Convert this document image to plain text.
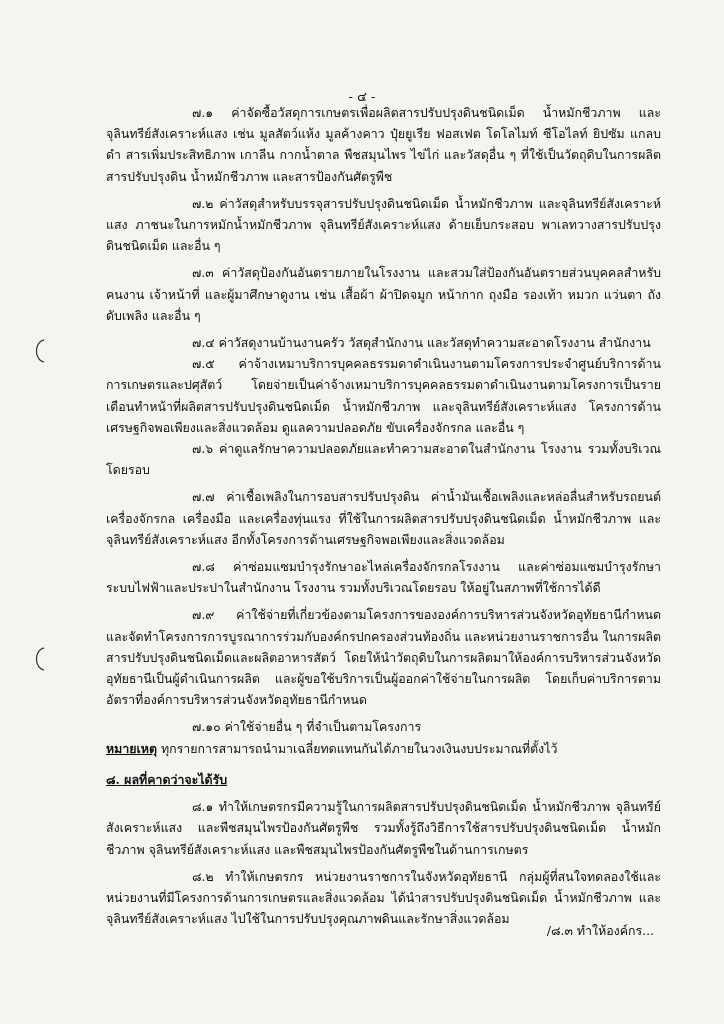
- ๔ -

๗.๑ ค่าจัดซื้อวัสดุการเกษตรเพื่อผลิตสารปรับปรุงดินชนิดเม็ด น้ำหมักชีวภาพ และจุลินทรีย์สังเคราะห์แสง เช่น มูลสัตว์แห้ง มูลค้างคาว ปุ๋ยยูเรีย ฟอสเฟต โดโลไมท์ ซีโอไลท์ ยิปซัม แกลบดำ สารเพิ่มประสิทธิภาพ เกาลีน กากน้ำตาล พืชสมุนไพร ไข่ไก่ และวัสดุอื่น ๆ ที่ใช้เป็นวัตถุดิบในการผลิตสารปรับปรุงดิน น้ำหมักชีวภาพ และสารป้องกันศัตรูพืช

๗.๒ ค่าวัสดุสำหรับบรรจุสารปรับปรุงดินชนิดเม็ด น้ำหมักชีวภาพ และจุลินทรีย์สังเคราะห์แสง ภาชนะในการหมักน้ำหมักชีวภาพ จุลินทรีย์สังเคราะห์แสง ด้ายเย็บกระสอบ พาเลทวางสารปรับปรุงดินชนิดเม็ด และอื่น ๆ

๗.๓ ค่าวัสดุป้องกันอันตรายภายในโรงงาน และสวมใส่ป้องกันอันตรายส่วนบุคคลสำหรับคนงาน เจ้าหน้าที่ และผู้มาศึกษาดูงาน เช่น เสื้อผ้า ผ้าปิดจมูก หน้ากาก ถุงมือ รองเท้า หมวก แว่นตา ถังดับเพลิง และอื่น ๆ

๗.๔ ค่าวัสดุงานบ้านงานครัว วัสดุสำนักงาน และวัสดุทำความสะอาดโรงงาน สำนักงาน

๗.๕ ค่าจ้างเหมาบริการบุคคลธรรมดาดำเนินงานตามโครงการประจำศูนย์บริการด้านการเกษตรและปศุสัตว์ โดยจ่ายเป็นค่าจ้างเหมาบริการบุคคลธรรมดาดำเนินงานตามโครงการเป็นรายเดือนทำหน้าที่ผลิตสารปรับปรุงดินชนิดเม็ด น้ำหมักชีวภาพ และจุลินทรีย์สังเคราะห์แสง โครงการด้านเศรษฐกิจพอเพียงและสิ่งแวดล้อม ดูแลความปลอดภัย ขับเครื่องจักรกล และอื่น ๆ

๗.๖ ค่าดูแลรักษาความปลอดภัยและทำความสะอาดในสำนักงาน โรงงาน รวมทั้งบริเวณโดยรอบ

๗.๗ ค่าเชื้อเพลิงในการอบสารปรับปรุงดิน ค่าน้ำมันเชื้อเพลิงและหล่อลื่นสำหรับรถยนต์ เครื่องจักรกล เครื่องมือ และเครื่องทุ่นแรง ที่ใช้ในการผลิตสารปรับปรุงดินชนิดเม็ด น้ำหมักชีวภาพ และจุลินทรีย์สังเคราะห์แสง อีกทั้งโครงการด้านเศรษฐกิจพอเพียงและสิ่งแวดล้อม

๗.๘ ค่าซ่อมแซมบำรุงรักษาอะไหล่เครื่องจักรกลโรงงาน และค่าซ่อมแซมบำรุงรักษาระบบไฟฟ้าและประปาในสำนักงาน โรงงาน รวมทั้งบริเวณโดยรอบ ให้อยู่ในสภาพที่ใช้การได้ดี

๗.๙ ค่าใช้จ่ายที่เกี่ยวข้องตามโครงการขององค์การบริหารส่วนจังหวัดอุทัยธานีกำหนดและจัดทำโครงการการบูรณาการร่วมกับองค์กรปกครองส่วนท้องถิ่น และหน่วยงานราชการอื่น ในการผลิตสารปรับปรุงดินชนิดเม็ดและผลิตอาหารสัตว์ โดยให้นำวัตถุดิบในการผลิตมาให้องค์การบริหารส่วนจังหวัดอุทัยธานีเป็นผู้ดำเนินการผลิต และผู้ขอใช้บริการเป็นผู้ออกค่าใช้จ่ายในการผลิต โดยเก็บค่าบริการตามอัตราที่องค์การบริหารส่วนจังหวัดอุทัยธานีกำหนด

๗.๑๐ ค่าใช้จ่ายอื่น ๆ ที่จำเป็นตามโครงการ

หมายเหตุ ทุกรายการสามารถนำมาเฉลี่ยทดแทนกันได้ภายในวงเงินงบประมาณที่ตั้งไว้

๘. ผลที่คาดว่าจะได้รับ

๘.๑ ทำให้เกษตรกรมีความรู้ในการผลิตสารปรับปรุงดินชนิดเม็ด น้ำหมักชีวภาพ จุลินทรีย์สังเคราะห์แสง และพืชสมุนไพรป้องกันศัตรูพืช รวมทั้งรู้ถึงวิธีการใช้สารปรับปรุงดินชนิดเม็ด น้ำหมักชีวภาพ จุลินทรีย์สังเคราะห์แสง และพืชสมุนไพรป้องกันศัตรูพืชในด้านการเกษตร

๘.๒ ทำให้เกษตรกร หน่วยงานราชการในจังหวัดอุทัยธานี กลุ่มผู้ที่สนใจทดลองใช้และหน่วยงานที่มีโครงการด้านการเกษตรและสิ่งแวดล้อม ได้นำสารปรับปรุงดินชนิดเม็ด น้ำหมักชีวภาพ และจุลินทรีย์สังเคราะห์แสง ไปใช้ในการปรับปรุงคุณภาพดินและรักษาสิ่งแวดล้อม

/๘.๓ ทำให้องค์กร...
